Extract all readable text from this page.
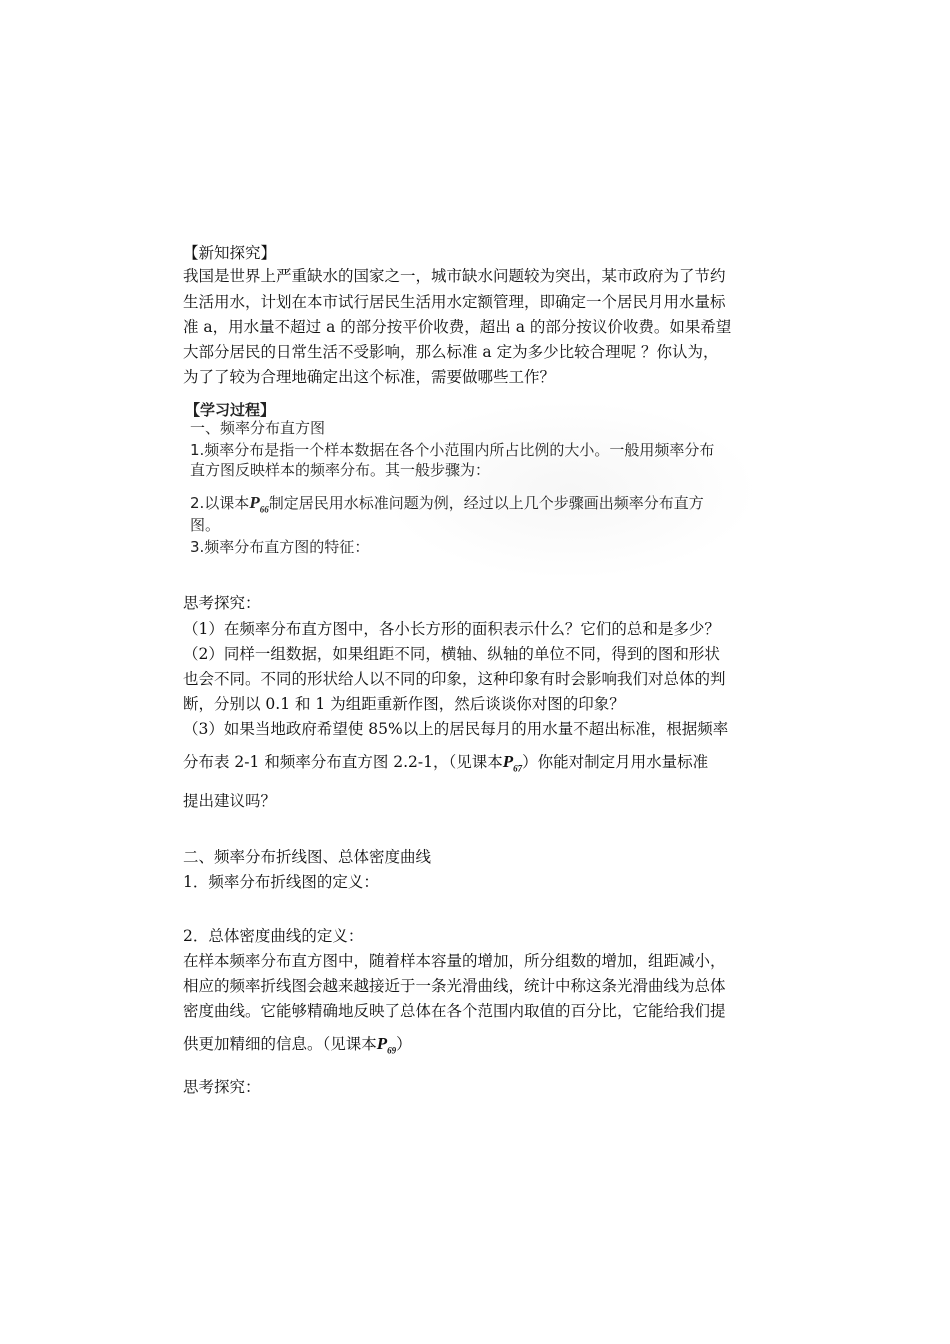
【新知探究】
我国是世界上严重缺水的国家之一，城市缺水问题较为突出，某市政府为了节约
生活用水，计划在本市试行居民生活用水定额管理，即确定一个居民月用水量标
准 a，用水量不超过 a 的部分按平价收费，超出 a 的部分按议价收费。如果希望
大部分居民的日常生活不受影响，那么标准 a 定为多少比较合理呢 ？你认为，
为了了较为合理地确定出这个标准，需要做哪些工作？
【学习过程】
一、频率分布直方图
1.频率分布是指一个样本数据在各个小范围内所占比例的大小。一般用频率分布
直方图反映样本的频率分布。其一般步骤为：
2.以课本$P_{66}$制定居民用水标准问题为例，经过以上几个步骤画出频率分布直方
图。
3.频率分布直方图的特征：
思考探究：
（1）在频率分布直方图中，各小长方形的面积表示什么？它们的总和是多少？
（2）同样一组数据，如果组距不同，横轴、纵轴的单位不同，得到的图和形状
也会不同。不同的形状给人以不同的印象，这种印象有时会影响我们对总体的判
断，分别以 0.1 和 1 为组距重新作图，然后谈谈你对图的印象？
（3）如果当地政府希望使 85%以上的居民每月的用水量不超出标准，根据频率
分布表 2-1 和频率分布直方图 2.2-1，（见课本$P_{67}$）你能对制定月用水量标准
提出建议吗？
二、频率分布折线图、总体密度曲线
1．频率分布折线图的定义：
2．总体密度曲线的定义：
在样本频率分布直方图中，随着样本容量的增加，所分组数的增加，组距减小，
相应的频率折线图会越来越接近于一条光滑曲线，统计中称这条光滑曲线为总体
密度曲线。它能够精确地反映了总体在各个范围内取值的百分比，它能给我们提
供更加精细的信息。（见课本$P_{69}$）
思考探究：
